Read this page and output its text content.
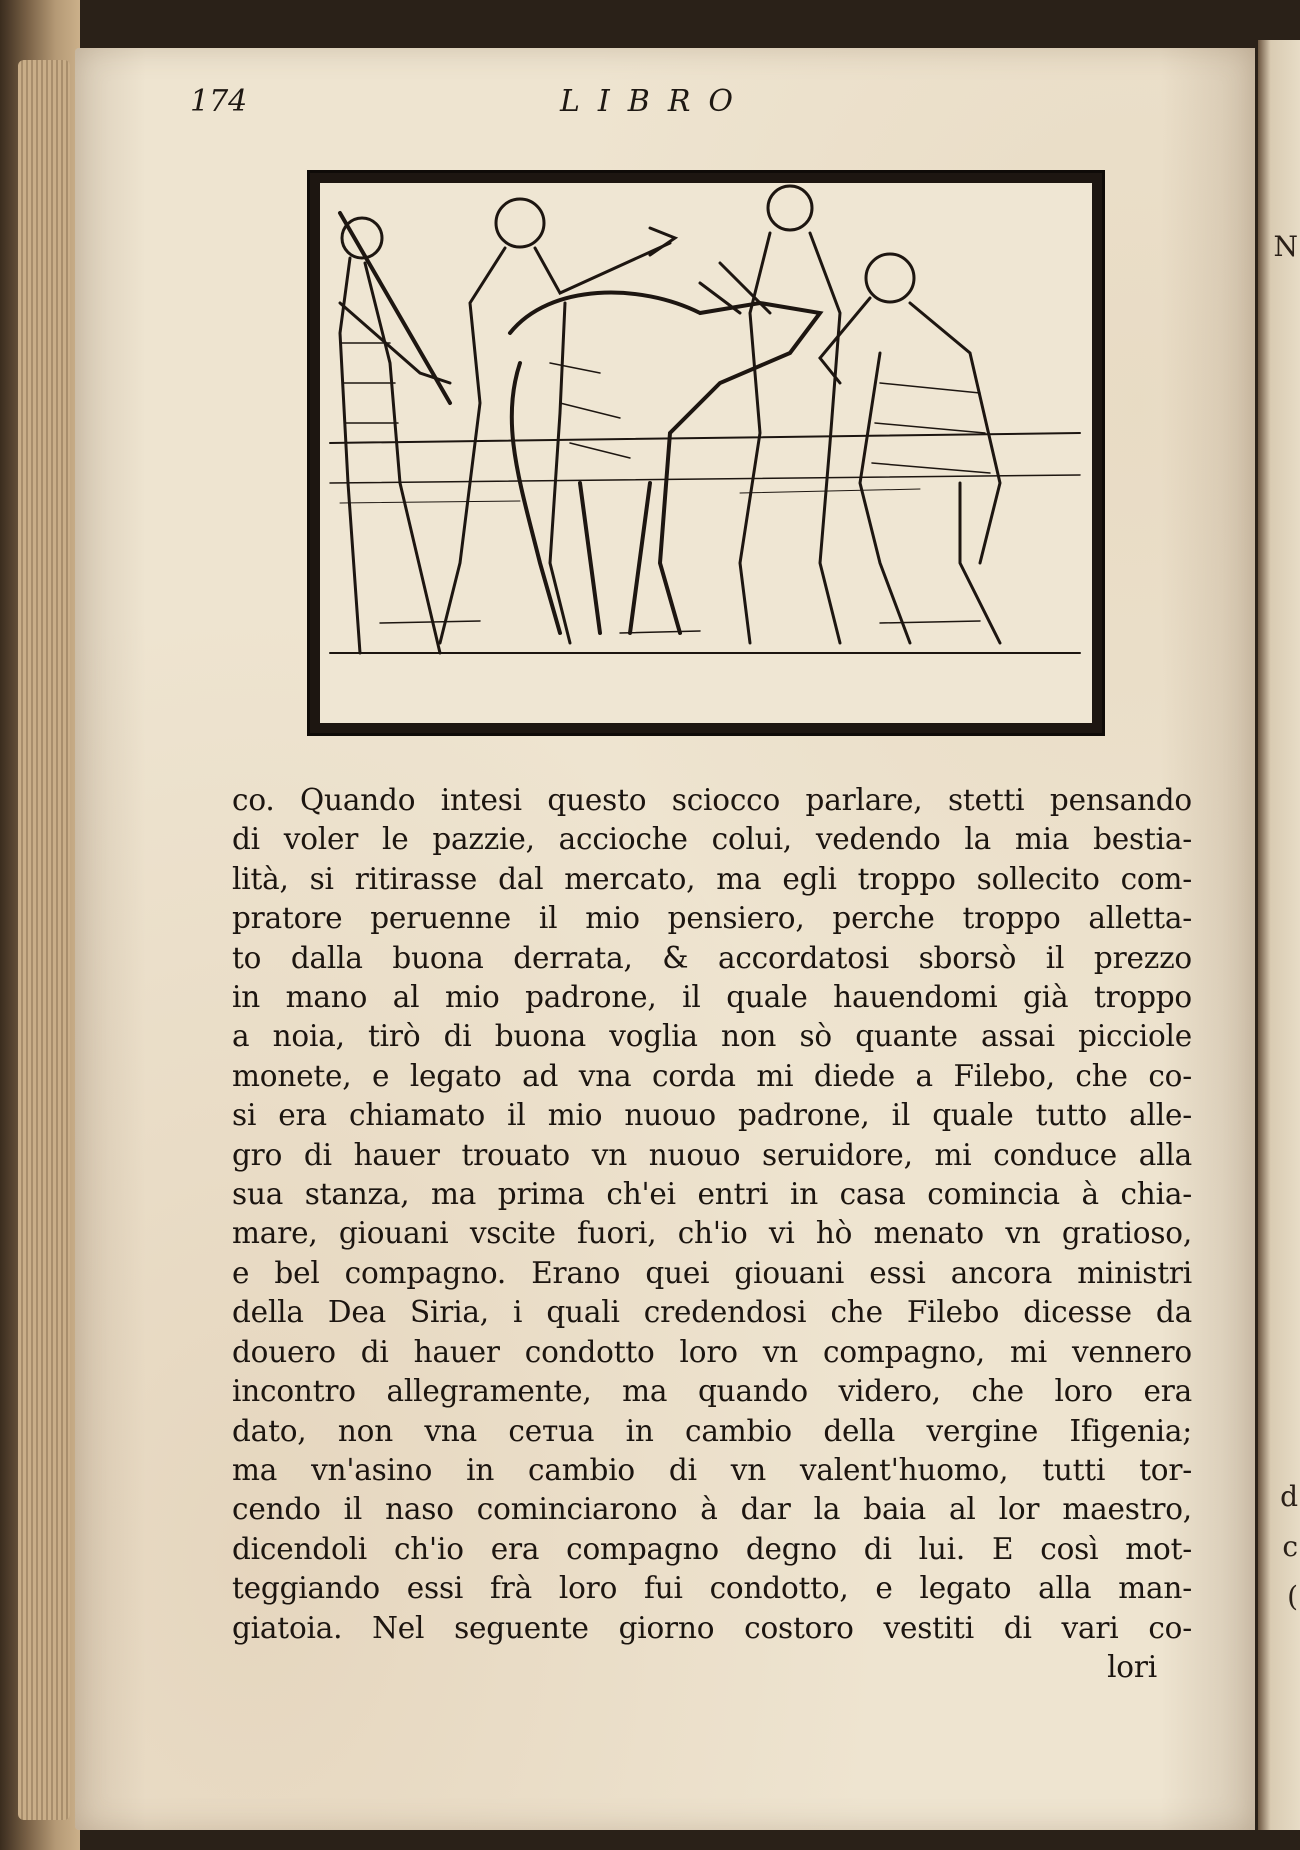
N
d
c
(
174	LIBRO
co. Quando intesi questo sciocco parlare, stetti pensando
di voler le pazzie, accioche colui, vedendo la mia bestia-
lità, si ritirasse dal mercato, ma egli troppo sollecito com-
pratore peruenne il mio pensiero, perche troppo allettа-
to dalla buona derrata, & accordatosi sborsò il prezzo
in mano al mio padrone, il quale hauendomi già troppo
a noia, tirò di buona voglia non sò quante assai picciole
monete, e legato ad vna corda mi diede a Filebo, che co-
si era chiamato il mio nuouo padrone, il quale tutto alle-
gro di hauer trouato vn nuouo seruidore, mi conduce alla
sua stanza, ma prima ch'ei entri in casa comincia à chia-
mare, giouani vscite fuori, ch'io vi hò menato vn gratioso,
e bel compagno. Erano quei giouani essi ancora ministri
della Dea Siria, i quali credendosi che Filebo dicesse da
douero di hauer condotto loro vn compagno, mi vennero
incontro allegramente, ma quando videro, che loro era
dato, non vna ceтua in cambio della vergine Ifigenia;
ma vn'asino in cambio di vn valent'huomo, tutti tor-
cendo il naso cominciarono à dar la baia al lor maestro,
dicendoli ch'io era compagno degno di lui. E così mot-
teggiando essi frà loro fui condotto, e legato alla man-
giatoia. Nel seguente giorno costoro vestiti di vari co-
lori
